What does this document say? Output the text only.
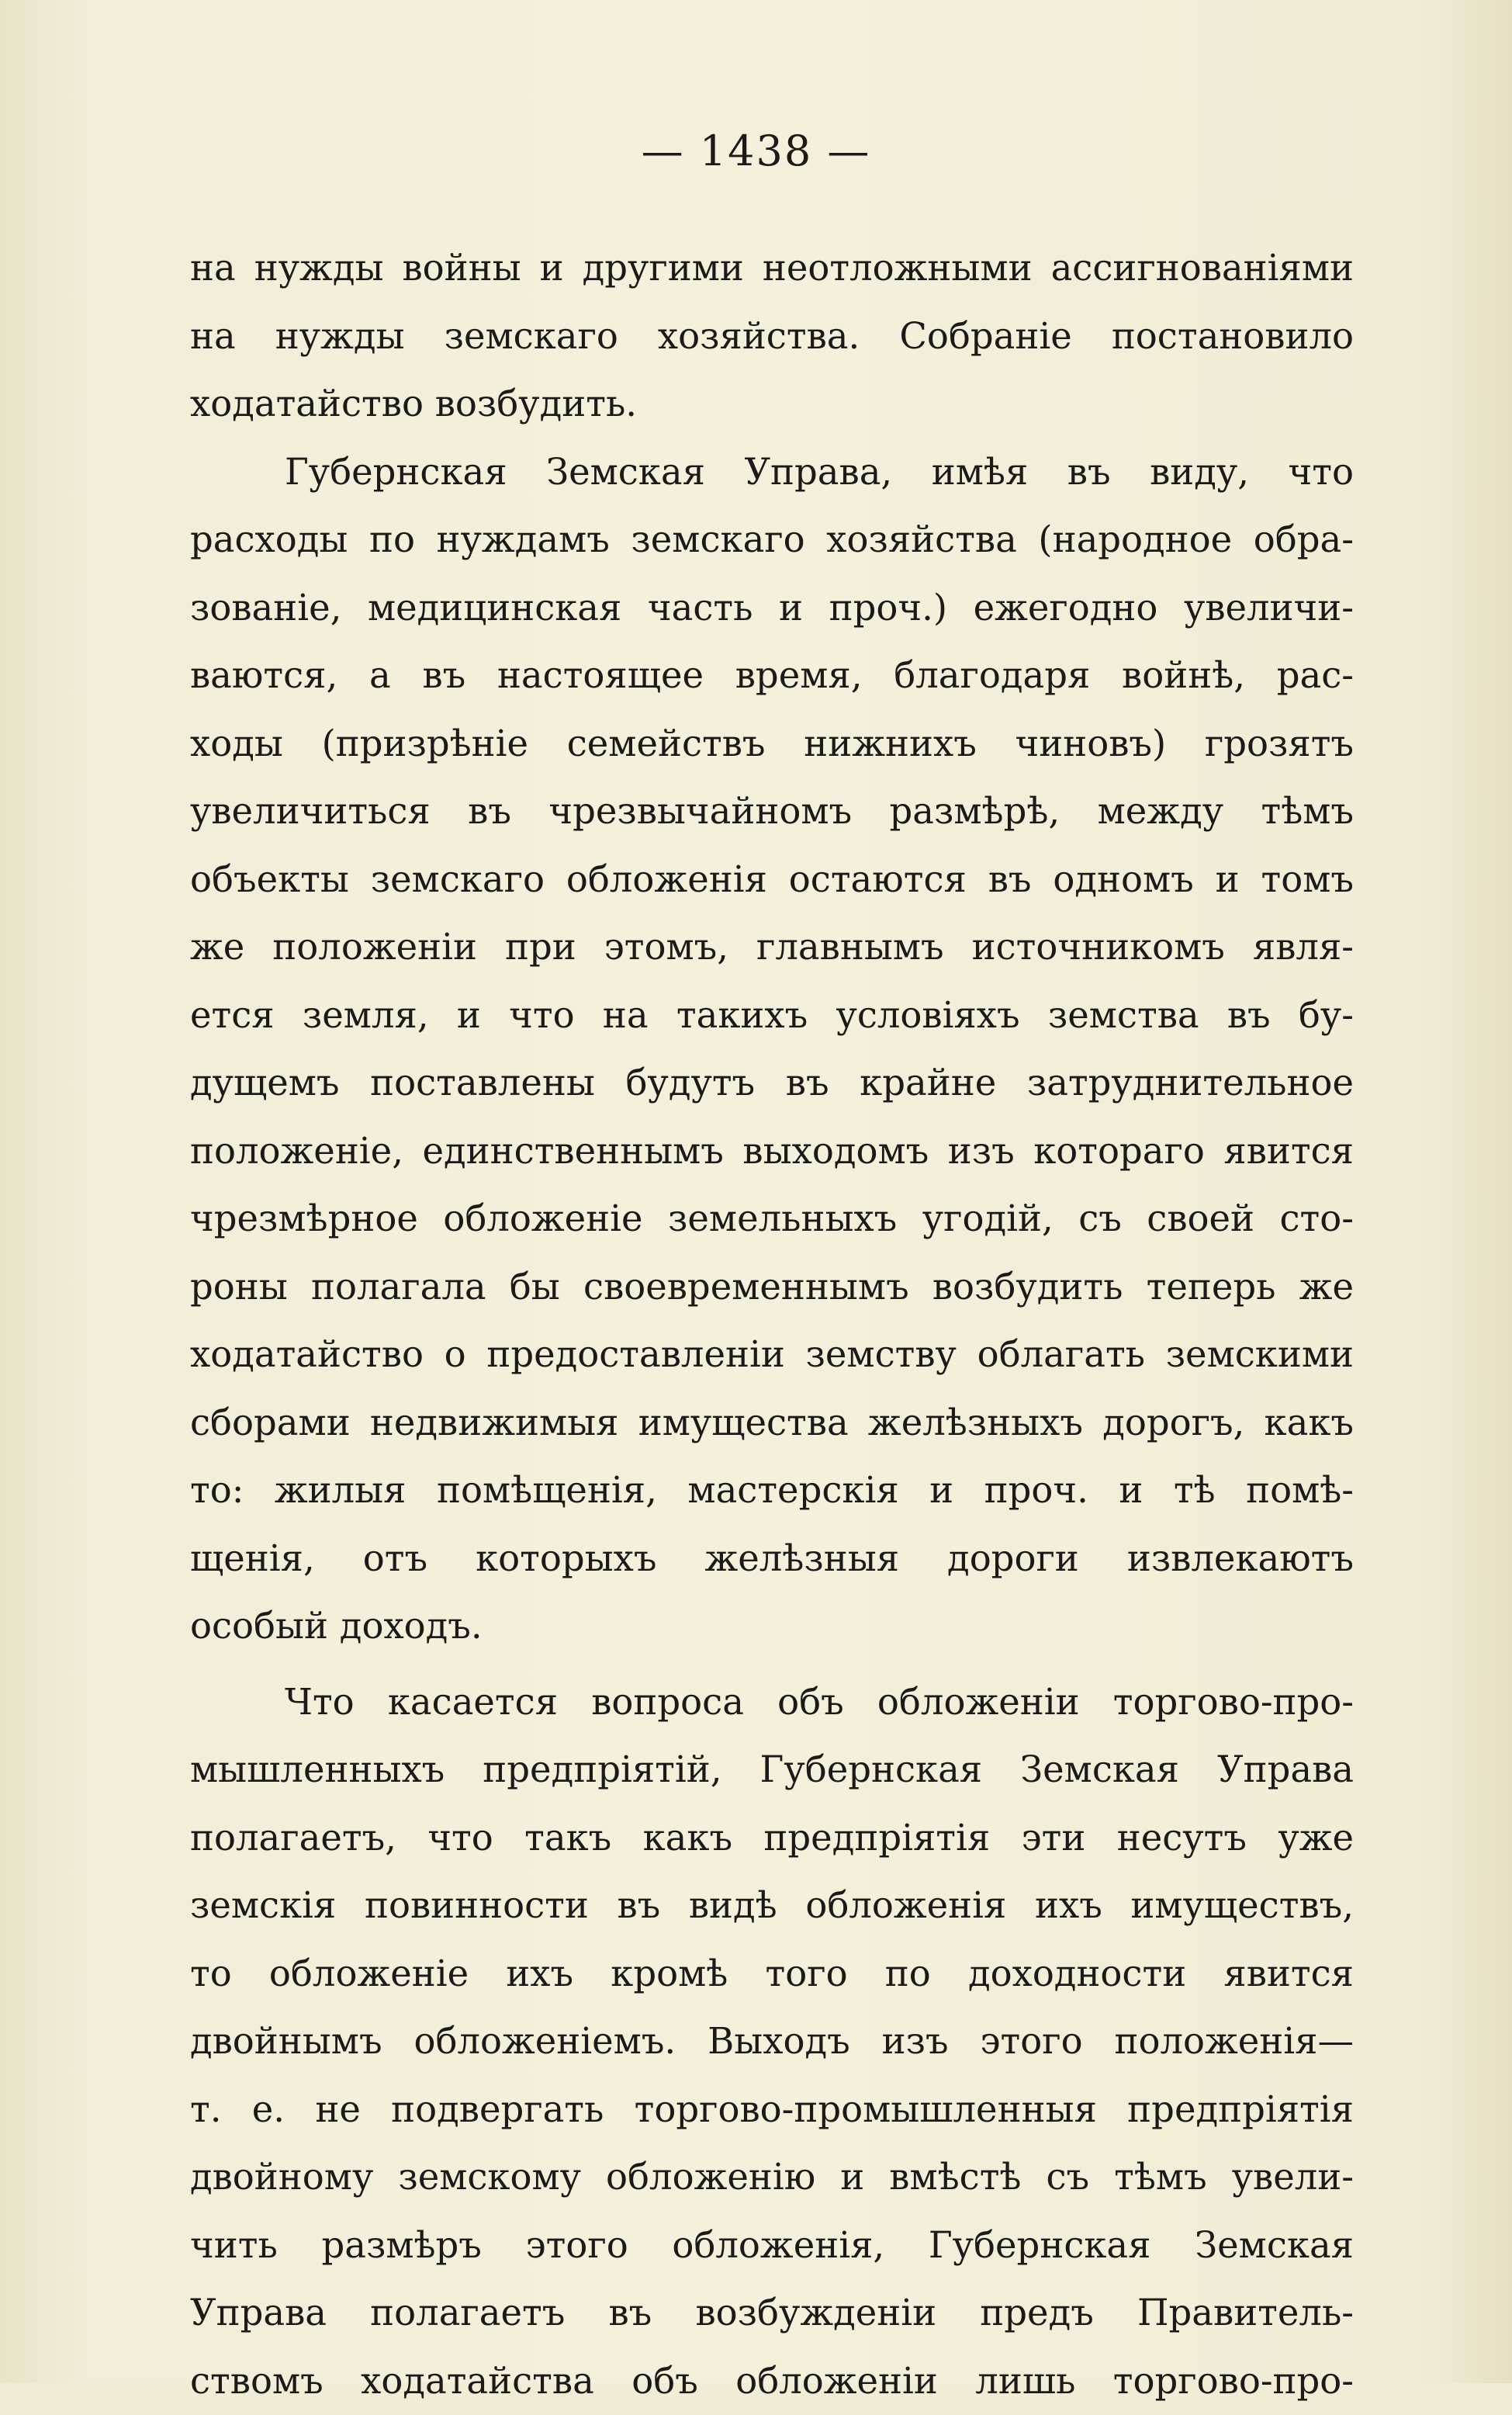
— 1438 —
на нужды войны и другими неотложными ассигнованіями
на нужды земскаго хозяйства. Собраніе постановило
ходатайство возбудить.
Губернская Земская Управа, имѣя въ виду, что
расходы по нуждамъ земскаго хозяйства (народное обра-
зованіе, медицинская часть и проч.) ежегодно увеличи-
ваются, а въ настоящее время, благодаря войнѣ, рас-
ходы (призрѣніе семействъ нижнихъ чиновъ) грозятъ
увеличиться въ чрезвычайномъ размѣрѣ, между тѣмъ
объекты земскаго обложенія остаются въ одномъ и томъ
же положеніи при этомъ, главнымъ источникомъ явля-
ется земля, и что на такихъ условіяхъ земства въ бу-
дущемъ поставлены будутъ въ крайне затруднительное
положеніе, единственнымъ выходомъ изъ котораго явится
чрезмѣрное обложеніе земельныхъ угодій, съ своей сто-
роны полагала бы своевременнымъ возбудить теперь же
ходатайство о предоставленіи земству облагать земскими
сборами недвижимыя имущества желѣзныхъ дорогъ, какъ
то: жилыя помѣщенія, мастерскія и проч. и тѣ помѣ-
щенія, отъ которыхъ желѣзныя дороги извлекаютъ
особый доходъ.
Что касается вопроса объ обложеніи торгово-про-
мышленныхъ предпріятій, Губернская Земская Управа
полагаетъ, что такъ какъ предпріятія эти несутъ уже
земскія повинности въ видѣ обложенія ихъ имуществъ,
то обложеніе ихъ кромѣ того по доходности явится
двойнымъ обложеніемъ. Выходъ изъ этого положенія—
т. е. не подвергать торгово-промышленныя предпріятія
двойному земскому обложенію и вмѣстѣ съ тѣмъ увели-
чить размѣръ этого обложенія, Губернская Земская
Управа полагаетъ въ возбужденіи предъ Правитель-
ствомъ ходатайства объ обложеніи лишь торгово-про-
